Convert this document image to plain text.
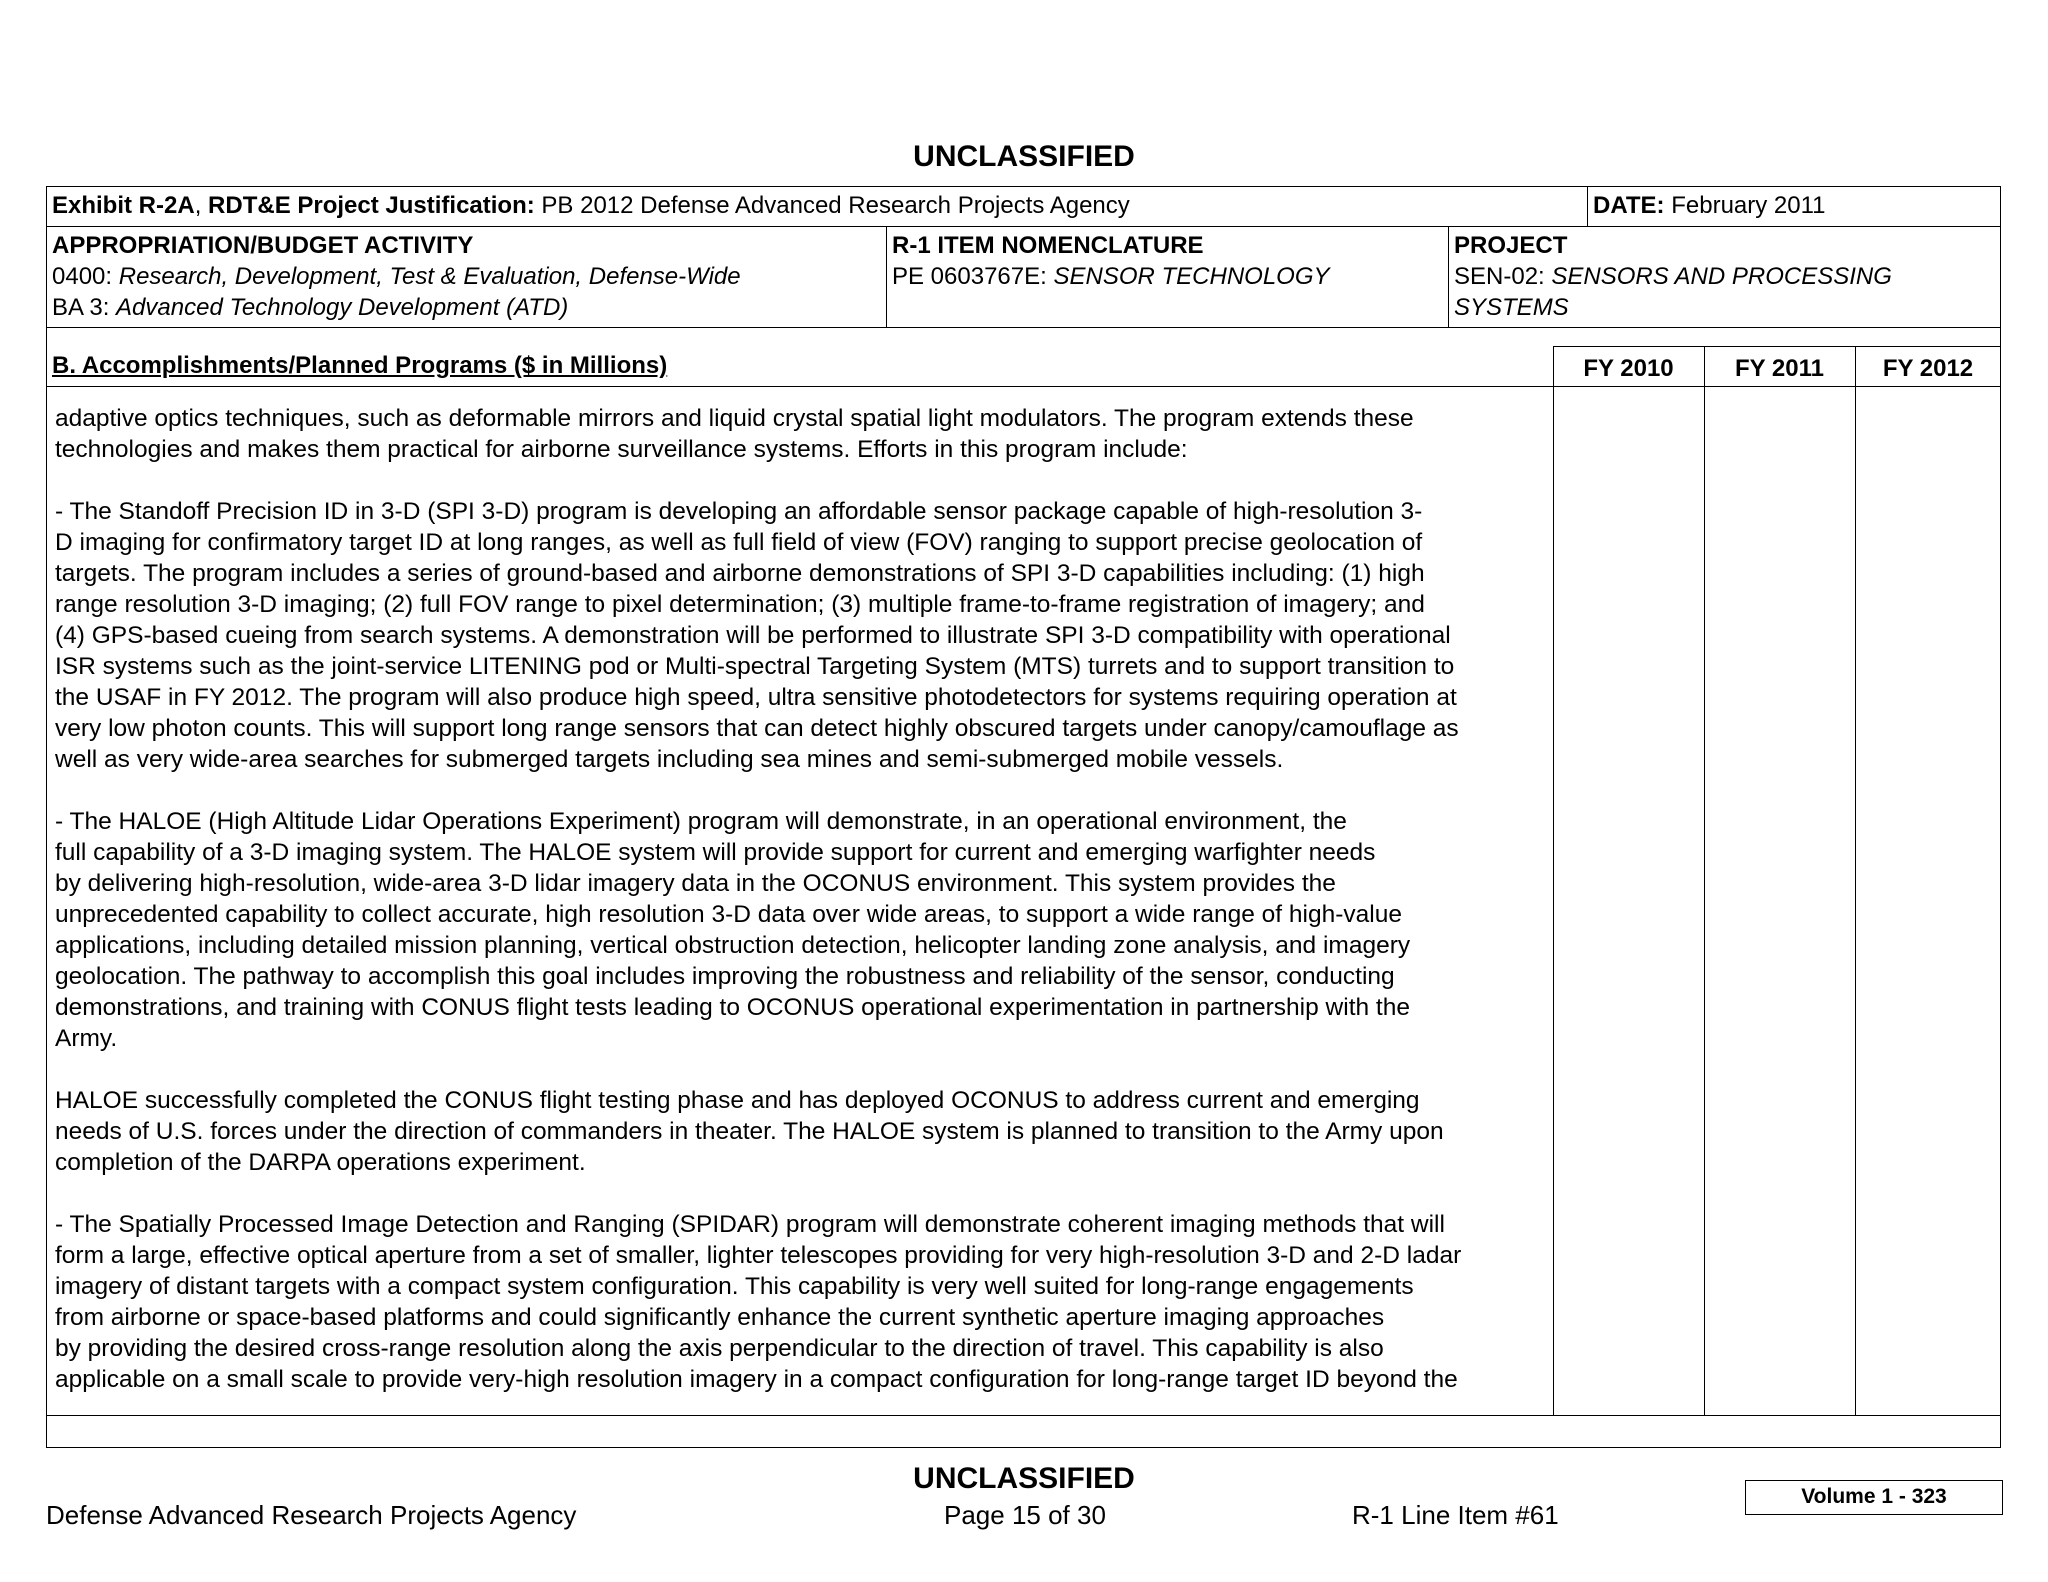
UNCLASSIFIED
Exhibit R-2A, RDT&E Project Justification: PB 2012 Defense Advanced Research Projects Agency	DATE: February 2011
APPROPRIATION/BUDGET ACTIVITY
0400: Research, Development, Test & Evaluation, Defense-Wide
BA 3: Advanced Technology Development (ATD)
R-1 ITEM NOMENCLATURE
PE 0603767E: SENSOR TECHNOLOGY
PROJECT
SEN-02: SENSORS AND PROCESSING SYSTEMS
B. Accomplishments/Planned Programs ($ in Millions)	FY 2010	FY 2011	FY 2012

adaptive optics techniques, such as deformable mirrors and liquid crystal spatial light modulators. The program extends these
technologies and makes them practical for airborne surveillance systems. Efforts in this program include:

- The Standoff Precision ID in 3-D (SPI 3-D) program is developing an affordable sensor package capable of high-resolution 3-
D imaging for confirmatory target ID at long ranges, as well as full field of view (FOV) ranging to support precise geolocation of
targets. The program includes a series of ground-based and airborne demonstrations of SPI 3-D capabilities including: (1) high
range resolution 3-D imaging; (2) full FOV range to pixel determination; (3) multiple frame-to-frame registration of imagery; and
(4) GPS-based cueing from search systems. A demonstration will be performed to illustrate SPI 3-D compatibility with operational
ISR systems such as the joint-service LITENING pod or Multi-spectral Targeting System (MTS) turrets and to support transition to
the USAF in FY 2012. The program will also produce high speed, ultra sensitive photodetectors for systems requiring operation at
very low photon counts. This will support long range sensors that can detect highly obscured targets under canopy/camouflage as
well as very wide-area searches for submerged targets including sea mines and semi-submerged mobile vessels.

- The HALOE (High Altitude Lidar Operations Experiment) program will demonstrate, in an operational environment, the
full capability of a 3-D imaging system. The HALOE system will provide support for current and emerging warfighter needs
by delivering high-resolution, wide-area 3-D lidar imagery data in the OCONUS environment. This system provides the
unprecedented capability to collect accurate, high resolution 3-D data over wide areas, to support a wide range of high-value
applications, including detailed mission planning, vertical obstruction detection, helicopter landing zone analysis, and imagery
geolocation. The pathway to accomplish this goal includes improving the robustness and reliability of the sensor, conducting
demonstrations, and training with CONUS flight tests leading to OCONUS operational experimentation in partnership with the
Army.

HALOE successfully completed the CONUS flight testing phase and has deployed OCONUS to address current and emerging
needs of U.S. forces under the direction of commanders in theater. The HALOE system is planned to transition to the Army upon
completion of the DARPA operations experiment.

- The Spatially Processed Image Detection and Ranging (SPIDAR) program will demonstrate coherent imaging methods that will
form a large, effective optical aperture from a set of smaller, lighter telescopes providing for very high-resolution 3-D and 2-D ladar
imagery of distant targets with a compact system configuration. This capability is very well suited for long-range engagements
from airborne or space-based platforms and could significantly enhance the current synthetic aperture imaging approaches
by providing the desired cross-range resolution along the axis perpendicular to the direction of travel. This capability is also
applicable on a small scale to provide very-high resolution imagery in a compact configuration for long-range target ID beyond the

UNCLASSIFIED
Defense Advanced Research Projects Agency	Page 15 of 30	R-1 Line Item #61
Volume 1 - 323
